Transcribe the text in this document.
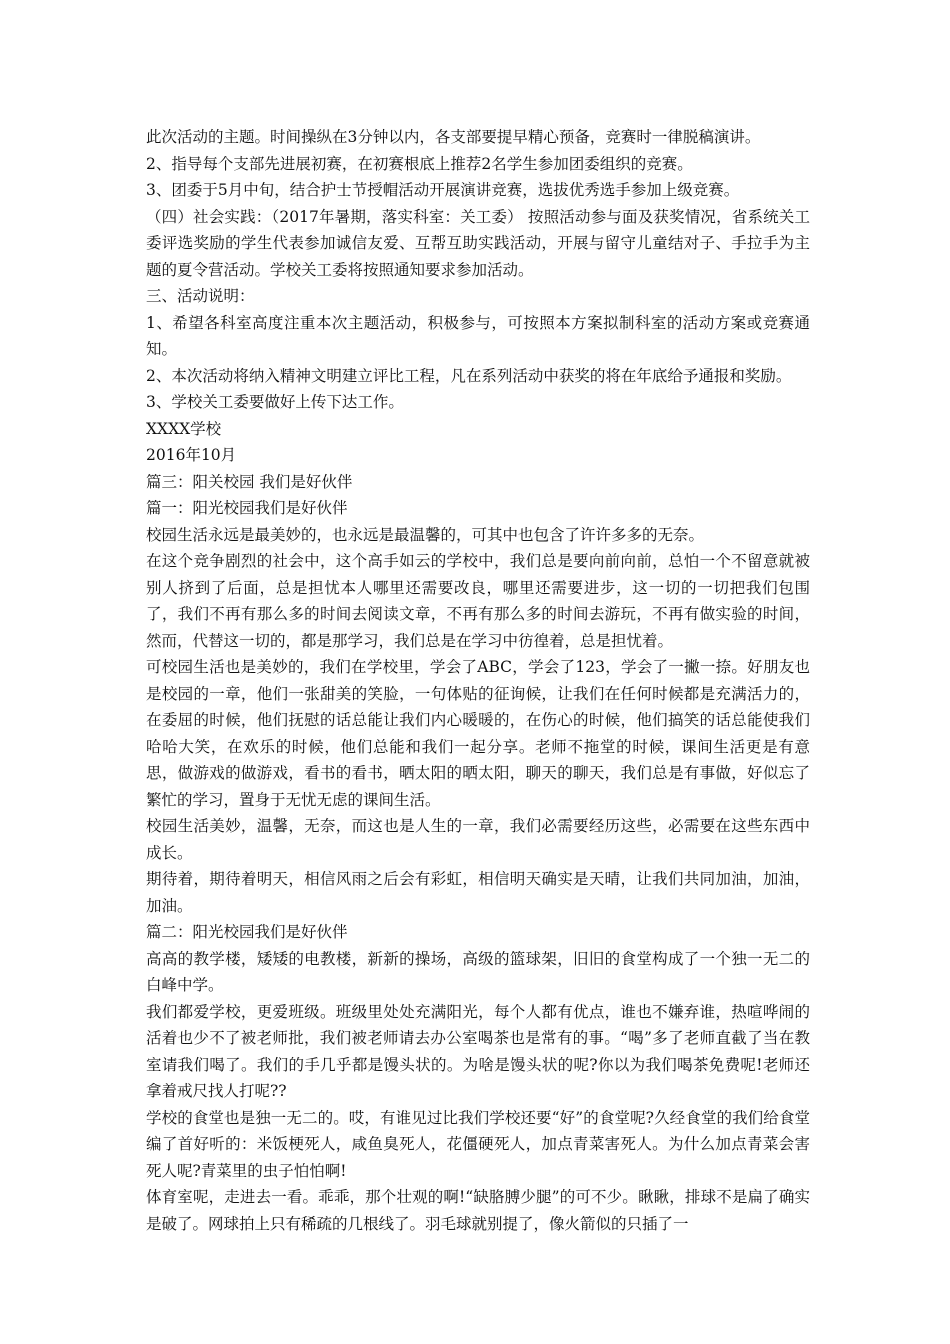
此次活动的主题。时间操纵在3分钟以内，各支部要提早精心预备，竞赛时一律脱稿演讲。

2、指导每个支部先进展初赛，在初赛根底上推荐2名学生参加团委组织的竞赛。

3、团委于5月中旬，结合护士节授帽活动开展演讲竞赛，选拔优秀选手参加上级竞赛。

（四）社会实践：（2017年暑期，落实科室：关工委） 按照活动参与面及获奖情况，省系统关工委评选奖励的学生代表参加诚信友爱、互帮互助实践活动，开展与留守儿童结对子、手拉手为主题的夏令营活动。学校关工委将按照通知要求参加活动。

三、活动说明：

1、希望各科室高度注重本次主题活动，积极参与，可按照本方案拟制科室的活动方案或竞赛通知。

2、本次活动将纳入精神文明建立评比工程，凡在系列活动中获奖的将在年底给予通报和奖励。

3、学校关工委要做好上传下达工作。

XXXX学校

2016年10月

篇三：阳关校园 我们是好伙伴

篇一：阳光校园我们是好伙伴

校园生活永远是最美妙的，也永远是最温馨的，可其中也包含了许许多多的无奈。

在这个竞争剧烈的社会中，这个高手如云的学校中，我们总是要向前向前，总怕一个不留意就被别人挤到了后面，总是担忧本人哪里还需要改良，哪里还需要进步，这一切的一切把我们包围了，我们不再有那么多的时间去阅读文章，不再有那么多的时间去游玩，不再有做实验的时间，然而，代替这一切的，都是那学习，我们总是在学习中彷徨着，总是担忧着。

可校园生活也是美妙的，我们在学校里，学会了ABC，学会了123，学会了一撇一捺。好朋友也是校园的一章，他们一张甜美的笑脸，一句体贴的征询候，让我们在任何时候都是充满活力的，在委屈的时候，他们抚慰的话总能让我们内心暖暖的，在伤心的时候，他们搞笑的话总能使我们哈哈大笑，在欢乐的时候，他们总能和我们一起分享。老师不拖堂的时候，课间生活更是有意思，做游戏的做游戏，看书的看书，晒太阳的晒太阳，聊天的聊天，我们总是有事做，好似忘了繁忙的学习，置身于无忧无虑的课间生活。

校园生活美妙，温馨，无奈，而这也是人生的一章，我们必需要经历这些，必需要在这些东西中成长。

期待着，期待着明天，相信风雨之后会有彩虹，相信明天确实是天晴，让我们共同加油，加油，加油。

篇二：阳光校园我们是好伙伴

高高的教学楼，矮矮的电教楼，新新的操场，高级的篮球架，旧旧的食堂构成了一个独一无二的白峰中学。

我们都爱学校，更爱班级。班级里处处充满阳光，每个人都有优点，谁也不嫌弃谁，热喧哗闹的活着也少不了被老师批，我们被老师请去办公室喝茶也是常有的事。“喝”多了老师直截了当在教室请我们喝了。我们的手几乎都是馒头状的。为啥是馒头状的呢?你以为我们喝茶免费呢!老师还拿着戒尺找人打呢??

学校的食堂也是独一无二的。哎，有谁见过比我们学校还要“好”的食堂呢?久经食堂的我们给食堂编了首好听的：米饭梗死人，咸鱼臭死人，花僵硬死人，加点青菜害死人。为什么加点青菜会害死人呢?青菜里的虫子怕怕啊!

体育室呢，走进去一看。乖乖，那个壮观的啊!“缺胳膊少腿”的可不少。瞅瞅，排球不是扁了确实是破了。网球拍上只有稀疏的几根线了。羽毛球就别提了，像火箭似的只插了一
